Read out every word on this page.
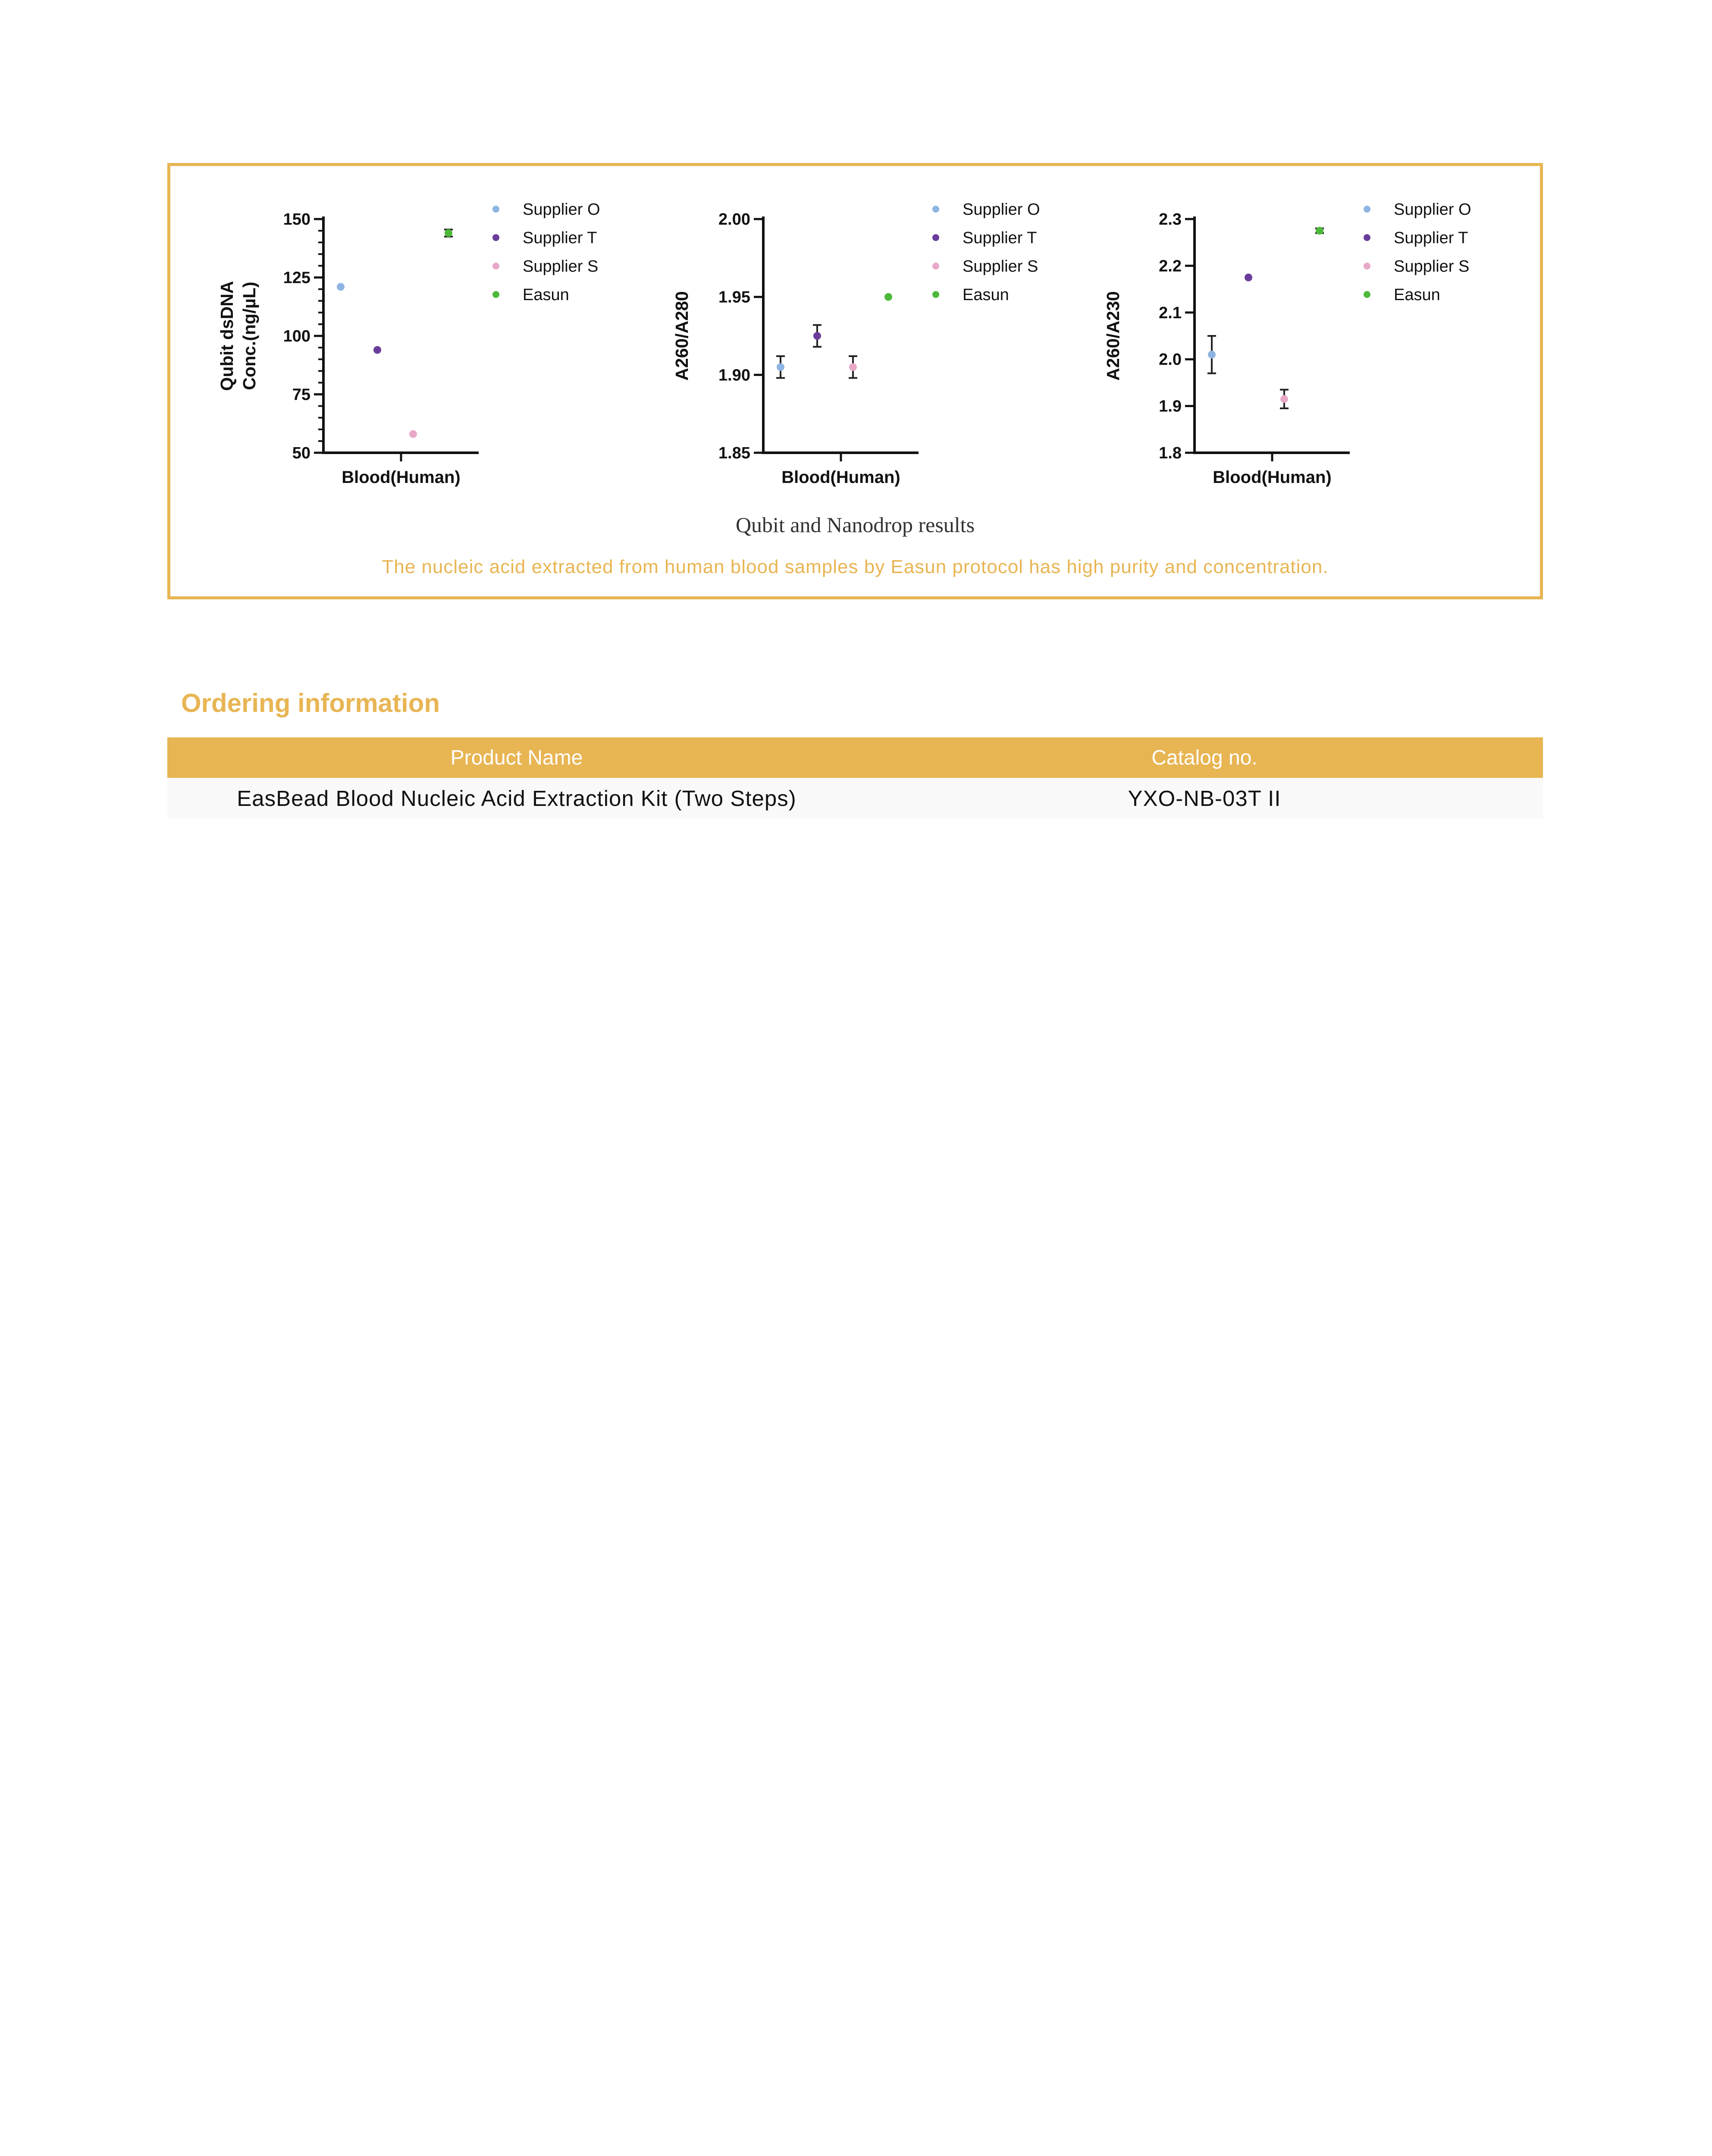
50
75
100
125
150
Blood(Human)
Qubit dsDNA Conc.(ng/µL)
Supplier O
Supplier T
Supplier S
Easun
1.85
1.90
1.95
2.00
Blood(Human)
A260/A280
Supplier O
Supplier T
Supplier S
Easun
1.8
1.9
2.0
2.1
2.2
2.3
Blood(Human)
A260/A230
Supplier O
Supplier T
Supplier S
Easun
Qubit and Nanodrop results
The nucleic acid extracted from human blood samples by Easun protocol has high purity and concentration.
Ordering information
Product Name	Catalog no.
EasBead Blood Nucleic Acid Extraction Kit (Two Steps)	YXO-NB-03T II
